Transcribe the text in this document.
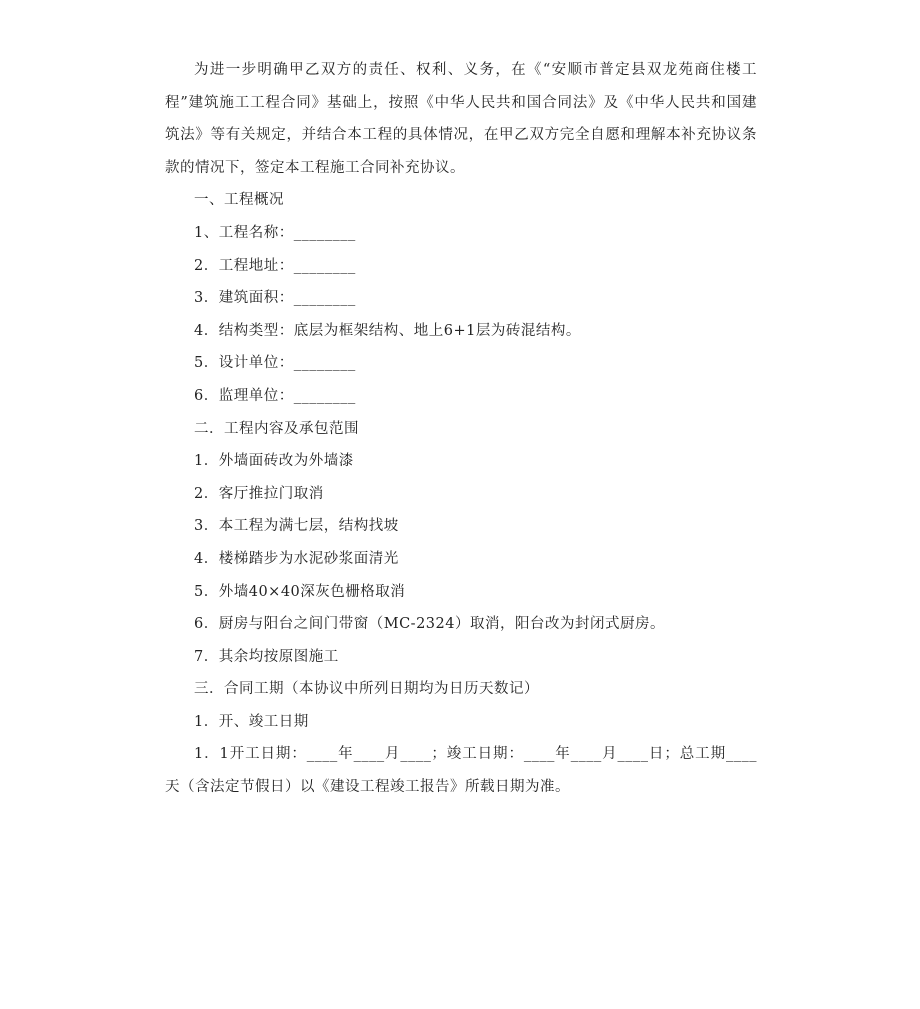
为进一步明确甲乙双方的责任、权利、义务，在《“安顺市普定县双龙苑商住楼工程”建筑施工工程合同》基础上，按照《中华人民共和国合同法》及《中华人民共和国建筑法》等有关规定，并结合本工程的具体情况，在甲乙双方完全自愿和理解本补充协议条款的情况下，签定本工程施工合同补充协议。

一、工程概况

1、工程名称：________

2．工程地址：________

3．建筑面积：________

4．结构类型：底层为框架结构、地上6+1层为砖混结构。

5．设计单位：________

6．监理单位：________

二．工程内容及承包范围

1．外墙面砖改为外墙漆

2．客厅推拉门取消

3．本工程为满七层，结构找坡

4．楼梯踏步为水泥砂浆面清光

5．外墙40×40深灰色栅格取消

6．厨房与阳台之间门带窗（MC-2324）取消，阳台改为封闭式厨房。

7．其余均按原图施工

三．合同工期（本协议中所列日期均为日历天数记）

1．开、竣工日期

1．1开工日期：____年____月____；竣工日期：____年____月____日；总工期____天（含法定节假日）以《建设工程竣工报告》所载日期为准。
